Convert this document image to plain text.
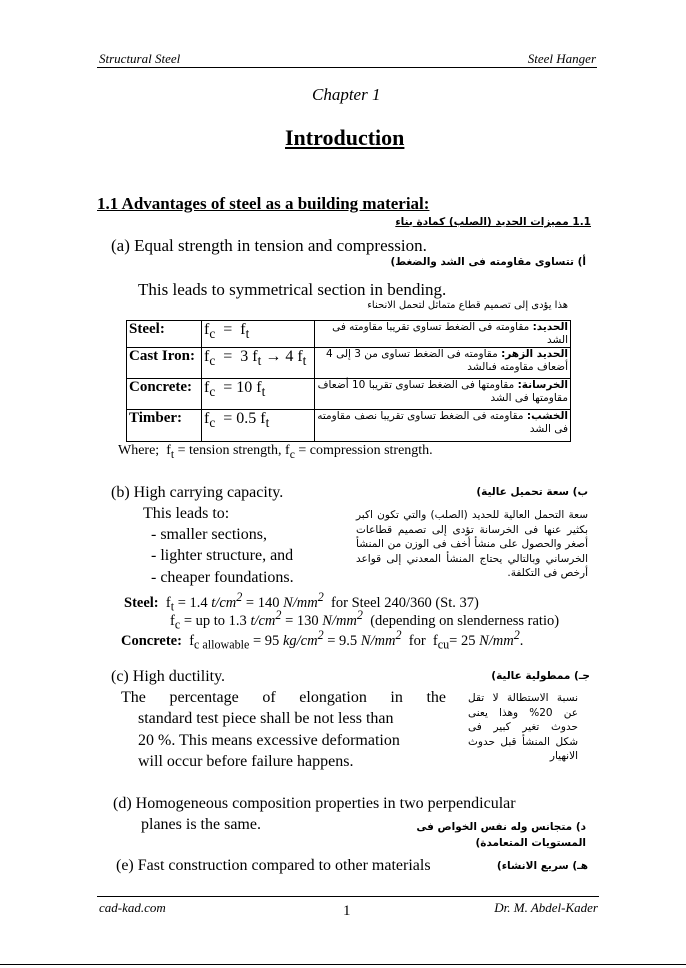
Structural Steel	Steel Hanger
Chapter 1
Introduction
1.1 Advantages of steel as a building material:
1.1 مميزات الحديد (الصلب) كمادة بناء
(a) Equal strength in tension and compression.
أ) تتساوى مقاومته فى الشد والضغط)
This leads to symmetrical section in bending.
هذا يؤدى إلى تصميم قطاع متماثل لتحمل الانحناء
Steel:	$f_c = f_t$	الحديد: مقاومته فى الضغط تساوى تقريبا مقاومته فى الشد
Cast Iron:	$f_c = 3$ $f_t \to 4$ $f_t$	الحديد الزهر: مقاومته فى الضغط تساوى من 3 إلى 4 أضعاف مقاومته فىالشد
Concrete:	$f_c = 10$ $f_t$	الخرسانة: مقاومتها فى الضغط تساوى تقريبا 10 أضعاف مقاومتها فى الشد
Timber:	$f_c = 0.5$ $f_t$	الخشب: مقاومته فى الضغط تساوى تقريبا نصف مقاومته فى الشد
Where;  $f_t$ = tension strength, $f_c$ = compression strength.
(b) High carrying capacity.	ب) سعة تحميل عالية)
This leads to:
- smaller sections,
- lighter structure, and
- cheaper foundations.
سعة التحمل العالية للحديد (الصلب) والتي تكون اكبر بكثير عنها فى الخرسانة تؤدى إلى تصميم قطاعات أصغر والحصول على منشأ أخف فى الوزن من المنشأ الخرساني وبالتالي يحتاج المنشأ المعدني إلى قواعد أرخص فى التكلفة.
Steel:  $f_t = 1.4$ $t/cm^2 = 140$ $N/mm^2$  for Steel 240/360 (St. 37)
$f_c$ = up to 1.3 $t/cm^2 = 130$ $N/mm^2$  (depending on slenderness ratio)
Concrete:  $f_{c allowable} = 95$ $kg/cm^2 = 9.5$ $N/mm^2$  for  $f_{cu}= 25$ $N/mm^2$.
(c) High ductility.	جـ) ممطولية عالية)
The percentage of elongation in the
standard test piece shall be not less than
20 %. This means excessive deformation
will occur before failure happens.
نسبة الاستطالة لا تقل عن 20% وهذا يعنى حدوث تغير كبير فى شكل المنشأ قبل حدوث الانهيار
(d) Homogeneous composition properties in two perpendicular
planes is the same.	د) متجانس وله نفس الخواص فى المستويات المتعامدة)
(e) Fast construction compared to other materials	هـ) سريع الانشاء)
cad-kad.com	1	Dr. M. Abdel-Kader
